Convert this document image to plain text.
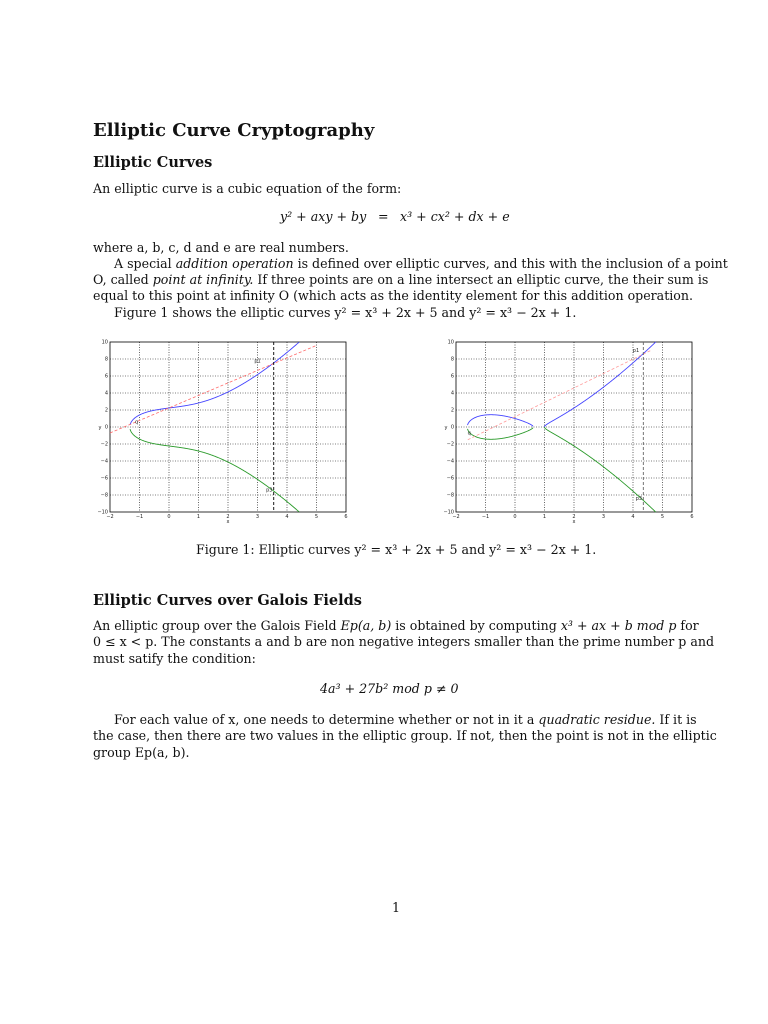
Elliptic Curve Cryptography
Elliptic Curves
An elliptic curve is a cubic equation of the form:
y² + axy + by = x³ + cx² + dx + e
where a, b, c, d and e are real numbers.
A special addition operation is defined over elliptic curves, and this with the inclusion of a point
O, called point at infinity. If three points are on a line intersect an elliptic curve, the their sum is
equal to this point at infinity O (which acts as the identity element for this addition operation.
Figure 1 shows the elliptic curves y² = x³ + 2x + 5 and y² = x³ − 2x + 1.
−2	−1	0	1	2	3	4	5	6
−10
−8
−6
−4
−2
0
2
4
6
8
10
x
y
q
p1
p3
−2	−1	0	1	2	3	4	5	6
−10
−8
−6
−4
−2
0
2
4
6
8
10
x
y
q
p1
p3
Figure 1: Elliptic curves y² = x³ + 2x + 5 and y² = x³ − 2x + 1.
Elliptic Curves over Galois Fields
An elliptic group over the Galois Field Ep(a, b) is obtained by computing x³ + ax + b mod p for
0 ≤ x < p. The constants a and b are non negative integers smaller than the prime number p and
must satify the condition:
4a³ + 27b² mod p ≠ 0
For each value of x, one needs to determine whether or not in it a quadratic residue. If it is
the case, then there are two values in the elliptic group. If not, then the point is not in the elliptic
group Ep(a, b).
1
